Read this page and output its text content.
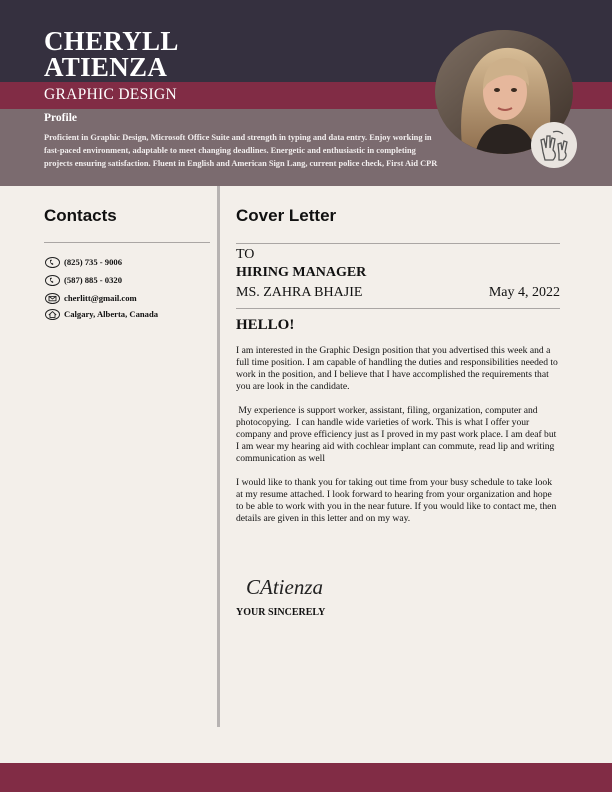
CHERYLL
ATIENZA
GRAPHIC DESIGN
Profile
Proficient in Graphic Design, Microsoft Office Suite and strength in typing and data entry. Enjoy working in fast-paced environment, adaptable to meet changing deadlines. Energetic and enthusiastic in completing projects ensuring satisfaction. Fluent in English and American Sign Lang, current police check, First Aid CPR
Contacts
(825) 735 - 9006
(587) 885 - 0320
cherlitt@gmail.com
Calgary, Alberta, Canada
Cover Letter
TO
HIRING MANAGER
MS. ZAHRA BHAJIE	May 4, 2022
HELLO!
I am interested in the Graphic Design position that you advertised this week and a full time position. I am capable of handling the duties and responsibilities needed to work in the position, and I believe that I have accomplished the requirements that you are look in the candidate.
My experience is support worker, assistant, filing, organization, computer and photocopying.  I can handle wide varieties of work. This is what I offer your company and prove efficiency just as I proved in my past work place. I am deaf but I am wear my hearing aid with cochlear implant can commute, read lip and writing communication as well
I would like to thank you for taking out time from your busy schedule to take look at my resume attached. I look forward to hearing from your organization and hope to be able to work with you in the near future. If you would like to contact me, then details are given in this letter and on my way.
CAtienza
YOUR SINCERELY
